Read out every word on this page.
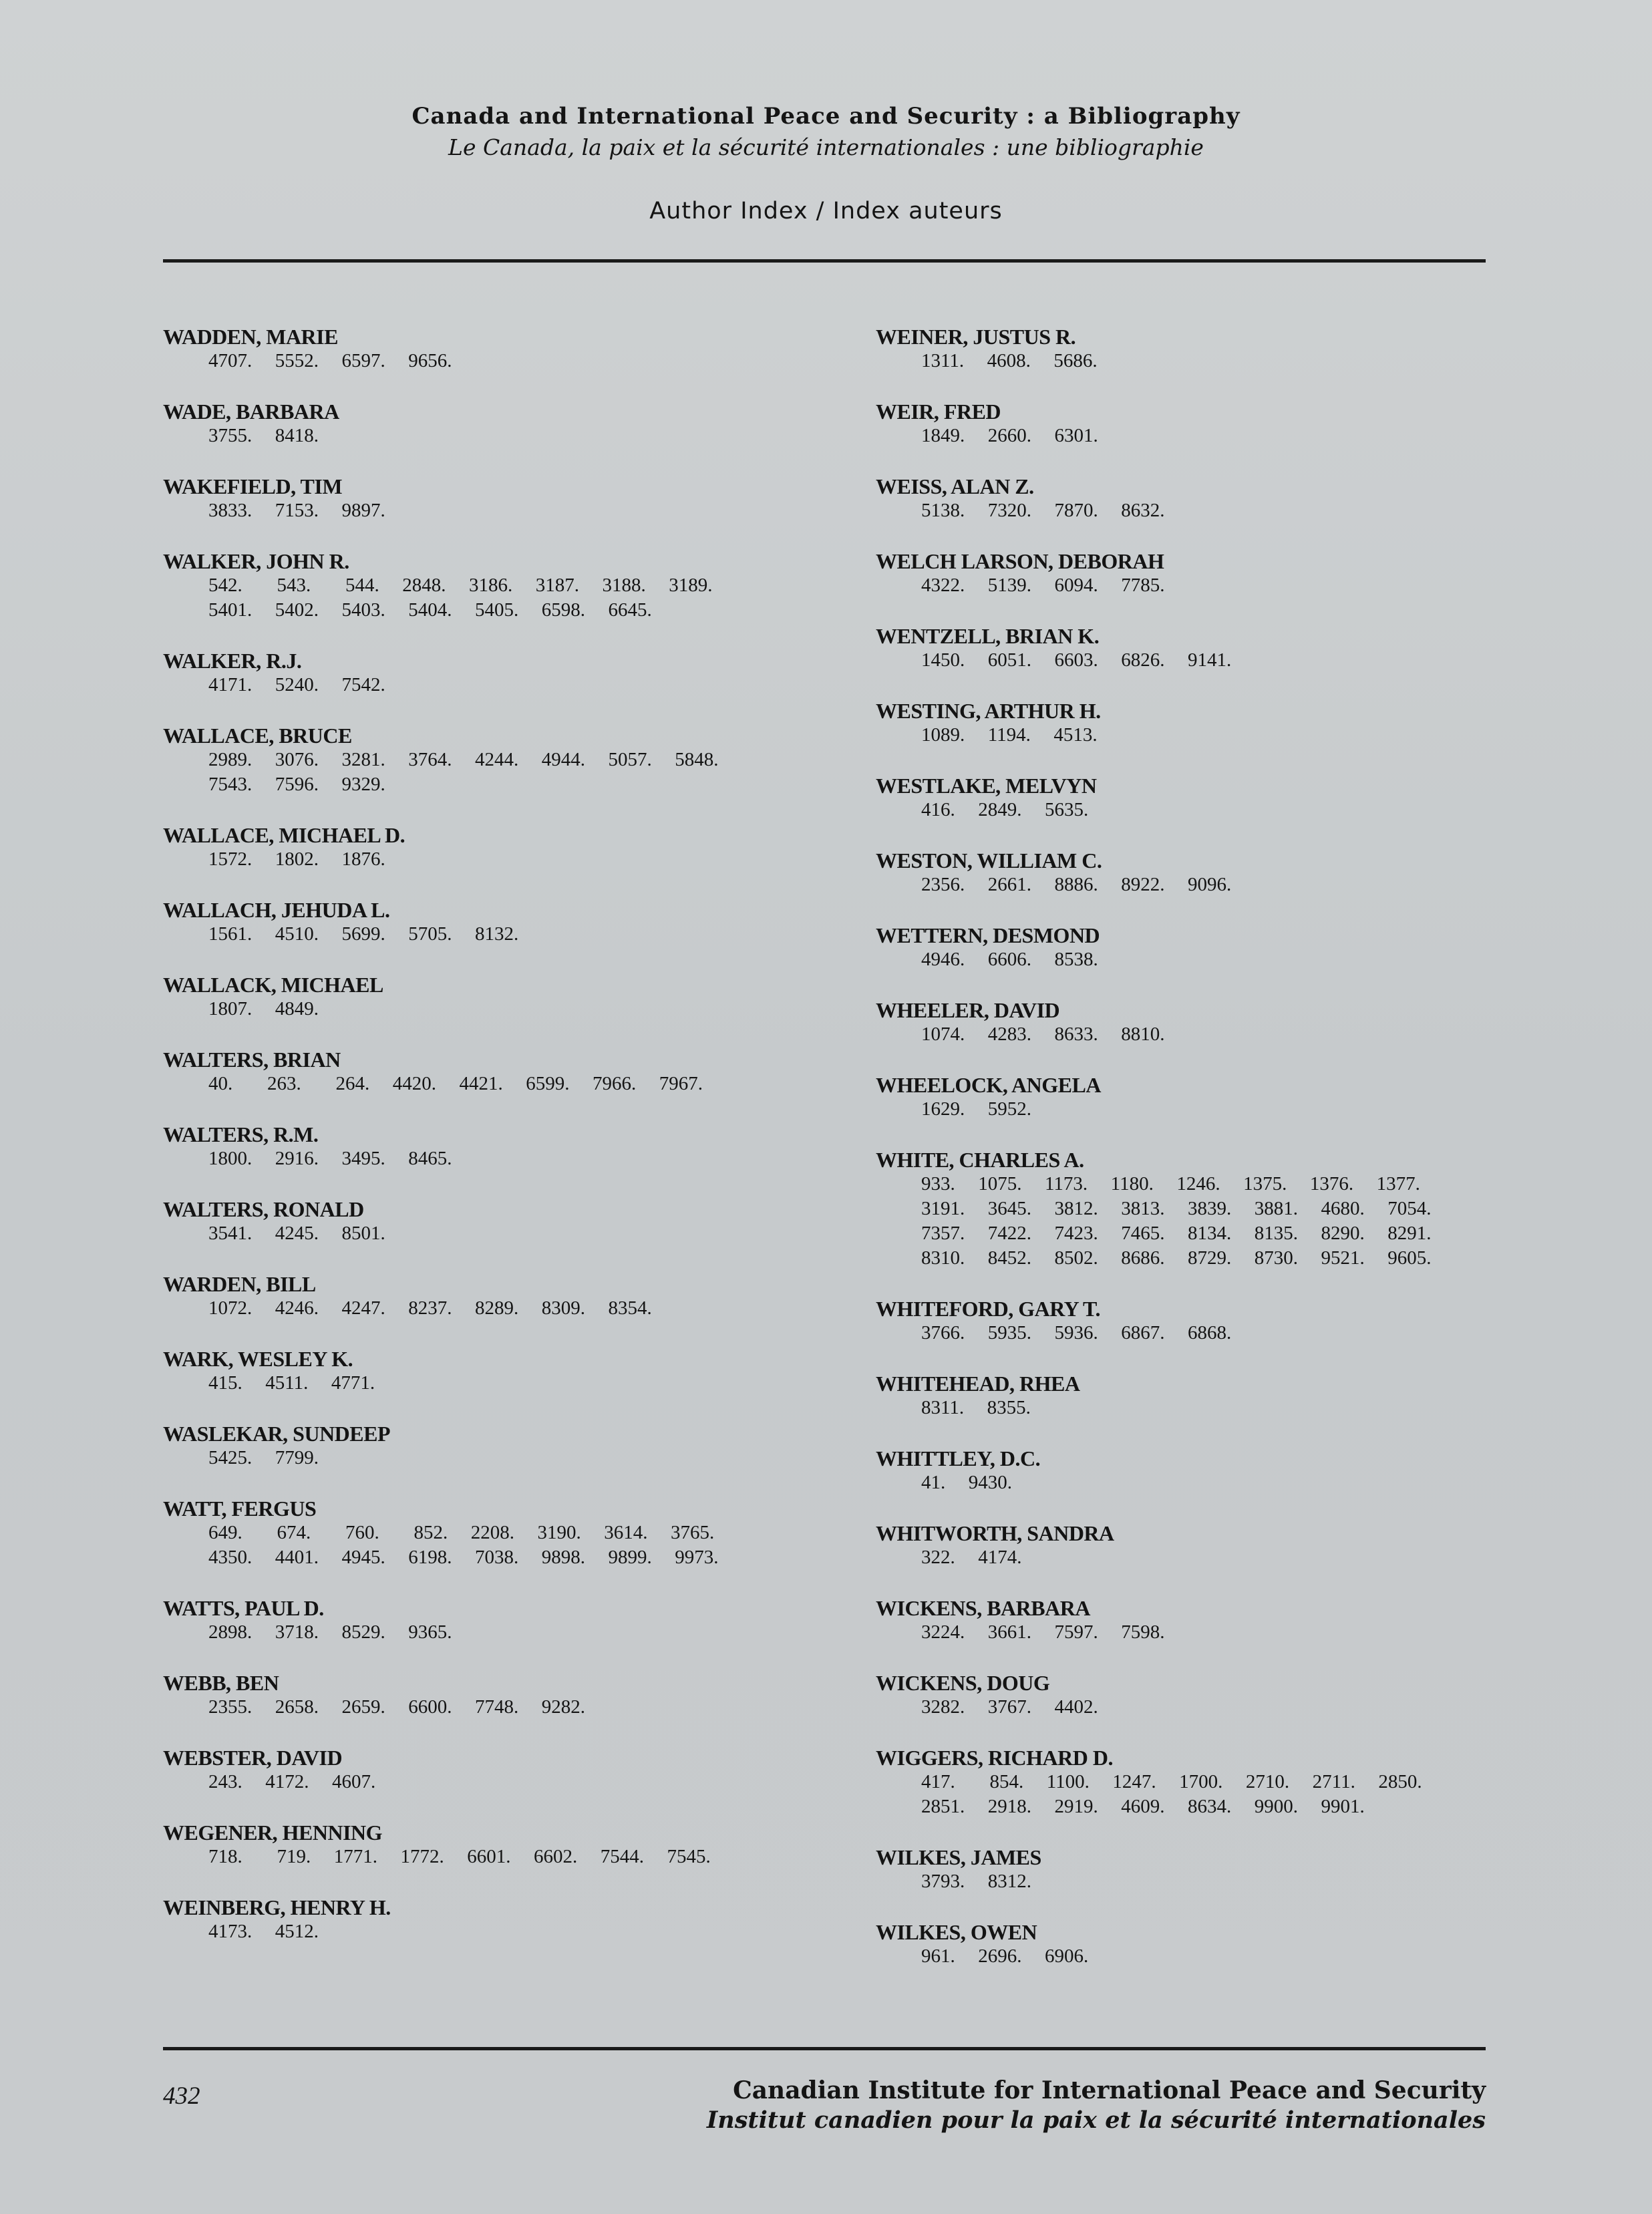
Canada and International Peace and Security : a Bibliography
Le Canada, la paix et la sécurité internationales : une bibliographie
Author Index / Index auteurs
WADDEN, MARIE
4707.  5552.  6597.  9656.
WADE, BARBARA
3755.  8418.
WAKEFIELD, TIM
3833.  7153.  9897.
WALKER, JOHN R.
542.   543.   544.  2848.  3186.  3187.  3188.  3189.
5401.  5402.  5403.  5404.  5405.  6598.  6645.
WALKER, R.J.
4171.  5240.  7542.
WALLACE, BRUCE
2989.  3076.  3281.  3764.  4244.  4944.  5057.  5848.
7543.  7596.  9329.
WALLACE, MICHAEL D.
1572.  1802.  1876.
WALLACH, JEHUDA L.
1561.  4510.  5699.  5705.  8132.
WALLACK, MICHAEL
1807.  4849.
WALTERS, BRIAN
40.   263.   264.  4420.  4421.  6599.  7966.  7967.
WALTERS, R.M.
1800.  2916.  3495.  8465.
WALTERS, RONALD
3541.  4245.  8501.
WARDEN, BILL
1072.  4246.  4247.  8237.  8289.  8309.  8354.
WARK, WESLEY K.
415.  4511.  4771.
WASLEKAR, SUNDEEP
5425.  7799.
WATT, FERGUS
649.   674.   760.   852.  2208.  3190.  3614.  3765.
4350.  4401.  4945.  6198.  7038.  9898.  9899.  9973.
WATTS, PAUL D.
2898.  3718.  8529.  9365.
WEBB, BEN
2355.  2658.  2659.  6600.  7748.  9282.
WEBSTER, DAVID
243.  4172.  4607.
WEGENER, HENNING
718.   719.  1771.  1772.  6601.  6602.  7544.  7545.
WEINBERG, HENRY H.
4173.  4512.
WEINER, JUSTUS R.
1311.  4608.  5686.
WEIR, FRED
1849.  2660.  6301.
WEISS, ALAN Z.
5138.  7320.  7870.  8632.
WELCH LARSON, DEBORAH
4322.  5139.  6094.  7785.
WENTZELL, BRIAN K.
1450.  6051.  6603.  6826.  9141.
WESTING, ARTHUR H.
1089.  1194.  4513.
WESTLAKE, MELVYN
416.  2849.  5635.
WESTON, WILLIAM C.
2356.  2661.  8886.  8922.  9096.
WETTERN, DESMOND
4946.  6606.  8538.
WHEELER, DAVID
1074.  4283.  8633.  8810.
WHEELOCK, ANGELA
1629.  5952.
WHITE, CHARLES A.
933.  1075.  1173.  1180.  1246.  1375.  1376.  1377.
3191.  3645.  3812.  3813.  3839.  3881.  4680.  7054.
7357.  7422.  7423.  7465.  8134.  8135.  8290.  8291.
8310.  8452.  8502.  8686.  8729.  8730.  9521.  9605.
WHITEFORD, GARY T.
3766.  5935.  5936.  6867.  6868.
WHITEHEAD, RHEA
8311.  8355.
WHITTLEY, D.C.
41.  9430.
WHITWORTH, SANDRA
322.  4174.
WICKENS, BARBARA
3224.  3661.  7597.  7598.
WICKENS, DOUG
3282.  3767.  4402.
WIGGERS, RICHARD D.
417.   854.  1100.  1247.  1700.  2710.  2711.  2850.
2851.  2918.  2919.  4609.  8634.  9900.  9901.
WILKES, JAMES
3793.  8312.
WILKES, OWEN
961.  2696.  6906.
432	Canadian Institute for International Peace and Security
Institut canadien pour la paix et la sécurité internationales
